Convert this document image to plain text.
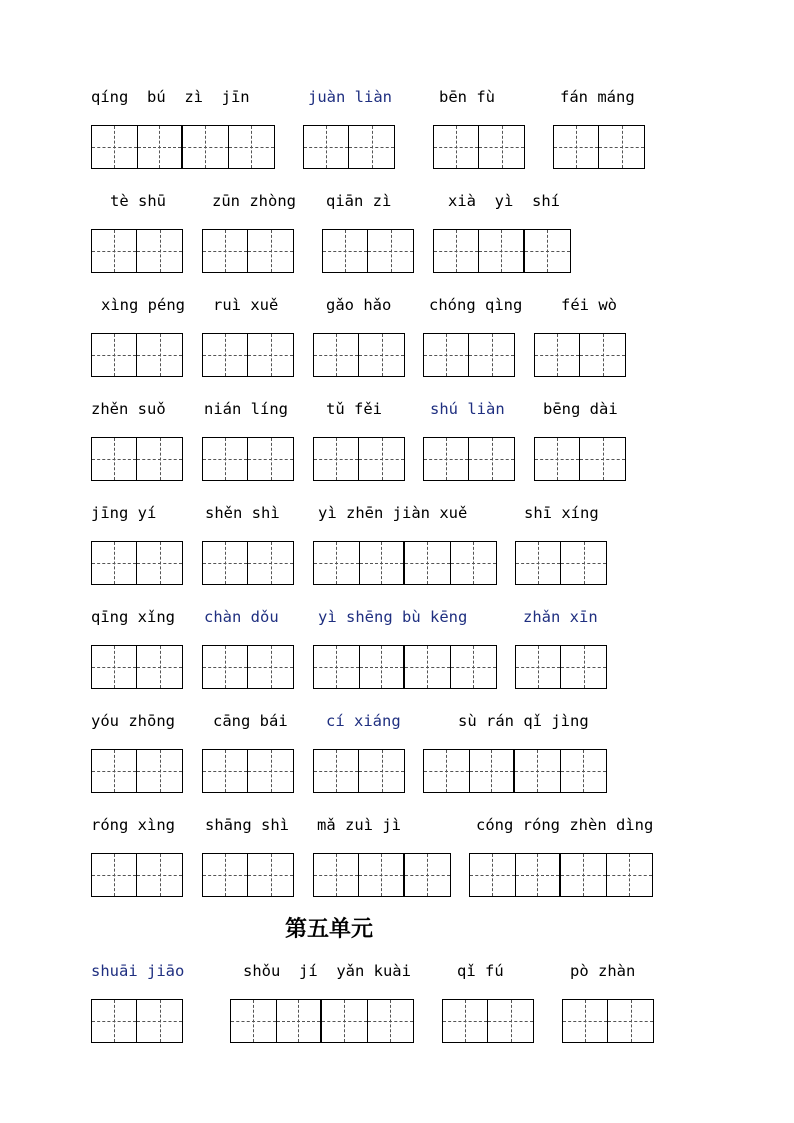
qíng  bú  zì  jīn	juàn liàn	bēn fù	fán máng
tè shū	zūn zhòng qiān zì	xià  yì  shí
xìng péng ruì xuě	gǎo hǎo chóng qìng féi wò
zhěn suǒ nián líng tǔ fěi	shú liàn bēng dài
jīng yí	shěn shì yì zhēn jiàn xuě	shī xíng
qīng xǐng chàn dǒu	yì shēng bù kēng	zhǎn xīn
yóu zhōng cāng bái cí xiáng	sù rán qǐ jìng
róng xìng shāng shì mǎ zuì jì	cóng róng zhèn dìng
shuāi jiāo	shǒu  jí  yǎn kuài	qǐ fú	pò zhàn
第五单元
